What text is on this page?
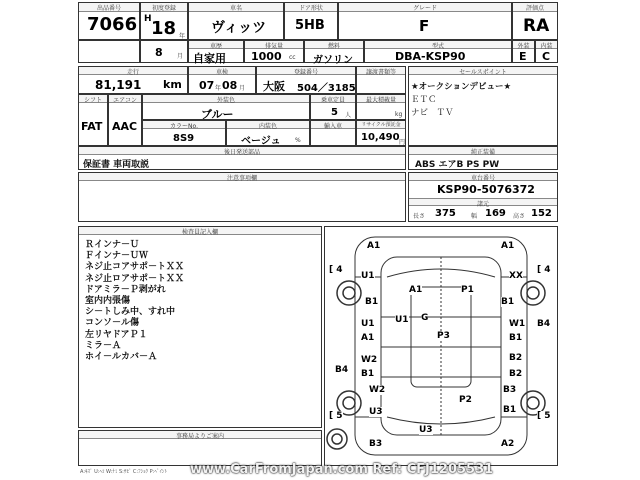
出品番号
7066
初度登録
H 18 年
8 月
車名
ヴィッツ
ドア形状
5HB
グレード
F
評価点
RA
車歴
自家用
排気量
1000 cc
燃料
ガソリン
型式
DBA-KSP90
外装
E
内装
C
走行
81,191 km
車検
07 年 08 月
登録番号
大阪 504／3185
譲渡書類等
シフト
FAT
エアコン
AAC
外装色
ブルー
乗車定員
5 人
最大積載量
kg
カラーNo.
8S9
内装色
ベージュ %
輸入車	リサイクル預託金
10,490 円
セールスポイント
★オークションデビュー★
ＥＴＣ
ナビ　ＴＶ
後日発送部品
保証書 車両取説
純正装備
ABS エアB PS PW
注意事項欄	車台番号
KSP90-5076372
諸元
長さ 375	幅 169 高さ 152
検査員記入欄
Ｒインナ－Ｕ
Ｆインナ－ＵＷ
ネジ止コアサポ－トＸＸ
ネジ止ロアサポ－トＸＸ
ドアミラ－Ｐ剥がれ
室内内張傷
シ－トしみ中、すれ中
コンソ－ル傷
左リヤドアＰ１
ミラ－Ａ
ホイ－ルカバ－Ａ
事務局よりご案内
A1	A1
[ 4	[ 4
U1	XX
A1	P1
B1	B1
U1 U1 G
W1 B4
A1	P3	B1
W2	B2
B1	B2
B4
W2	B3
[ 5
P2
B1
U3	[ 5
U3
B3	A2
A:ｷｽﾞ U:ﾍｺ W:ﾅﾐ S:ｻﾋﾞ C:ﾌｼｮｸ P:ﾍﾟｲﾝﾄ www.CarFromJapan.com Ref: CFJ1205531
